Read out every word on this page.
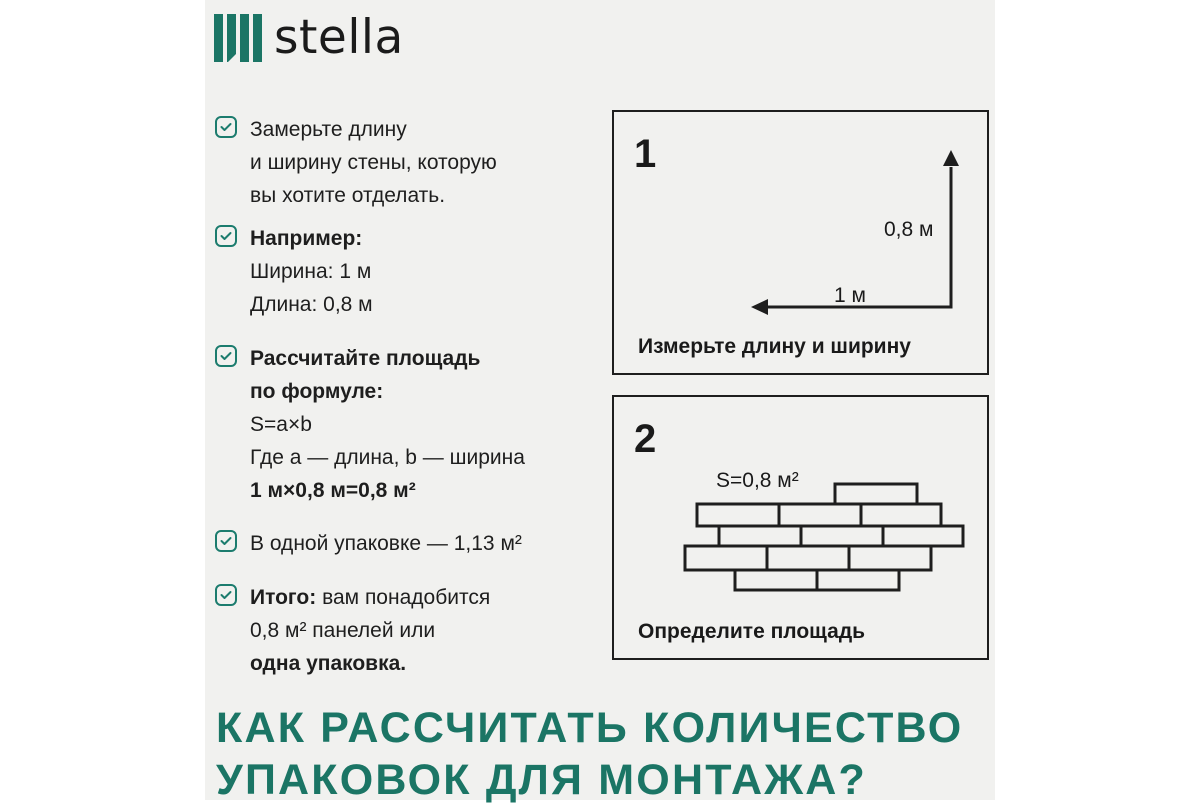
stella
Замерьте длину
и ширину стены, которую
вы хотите отделать.
Например:
Ширина: 1 м
Длина: 0,8 м
Рассчитайте площадь
по формуле:
S=a×b
Где a — длина, b — ширина
1 м×0,8 м=0,8 м²
В одной упаковке — 1,13 м²
Итого: вам понадобится
0,8 м² панелей или
одна упаковка.
1
0,8 м
1 м
Измерьте длину и ширину
2
S=0,8 м²
Определите площадь
КАК РАССЧИТАТЬ КОЛИЧЕСТВО
УПАКОВОК ДЛЯ МОНТАЖА?
